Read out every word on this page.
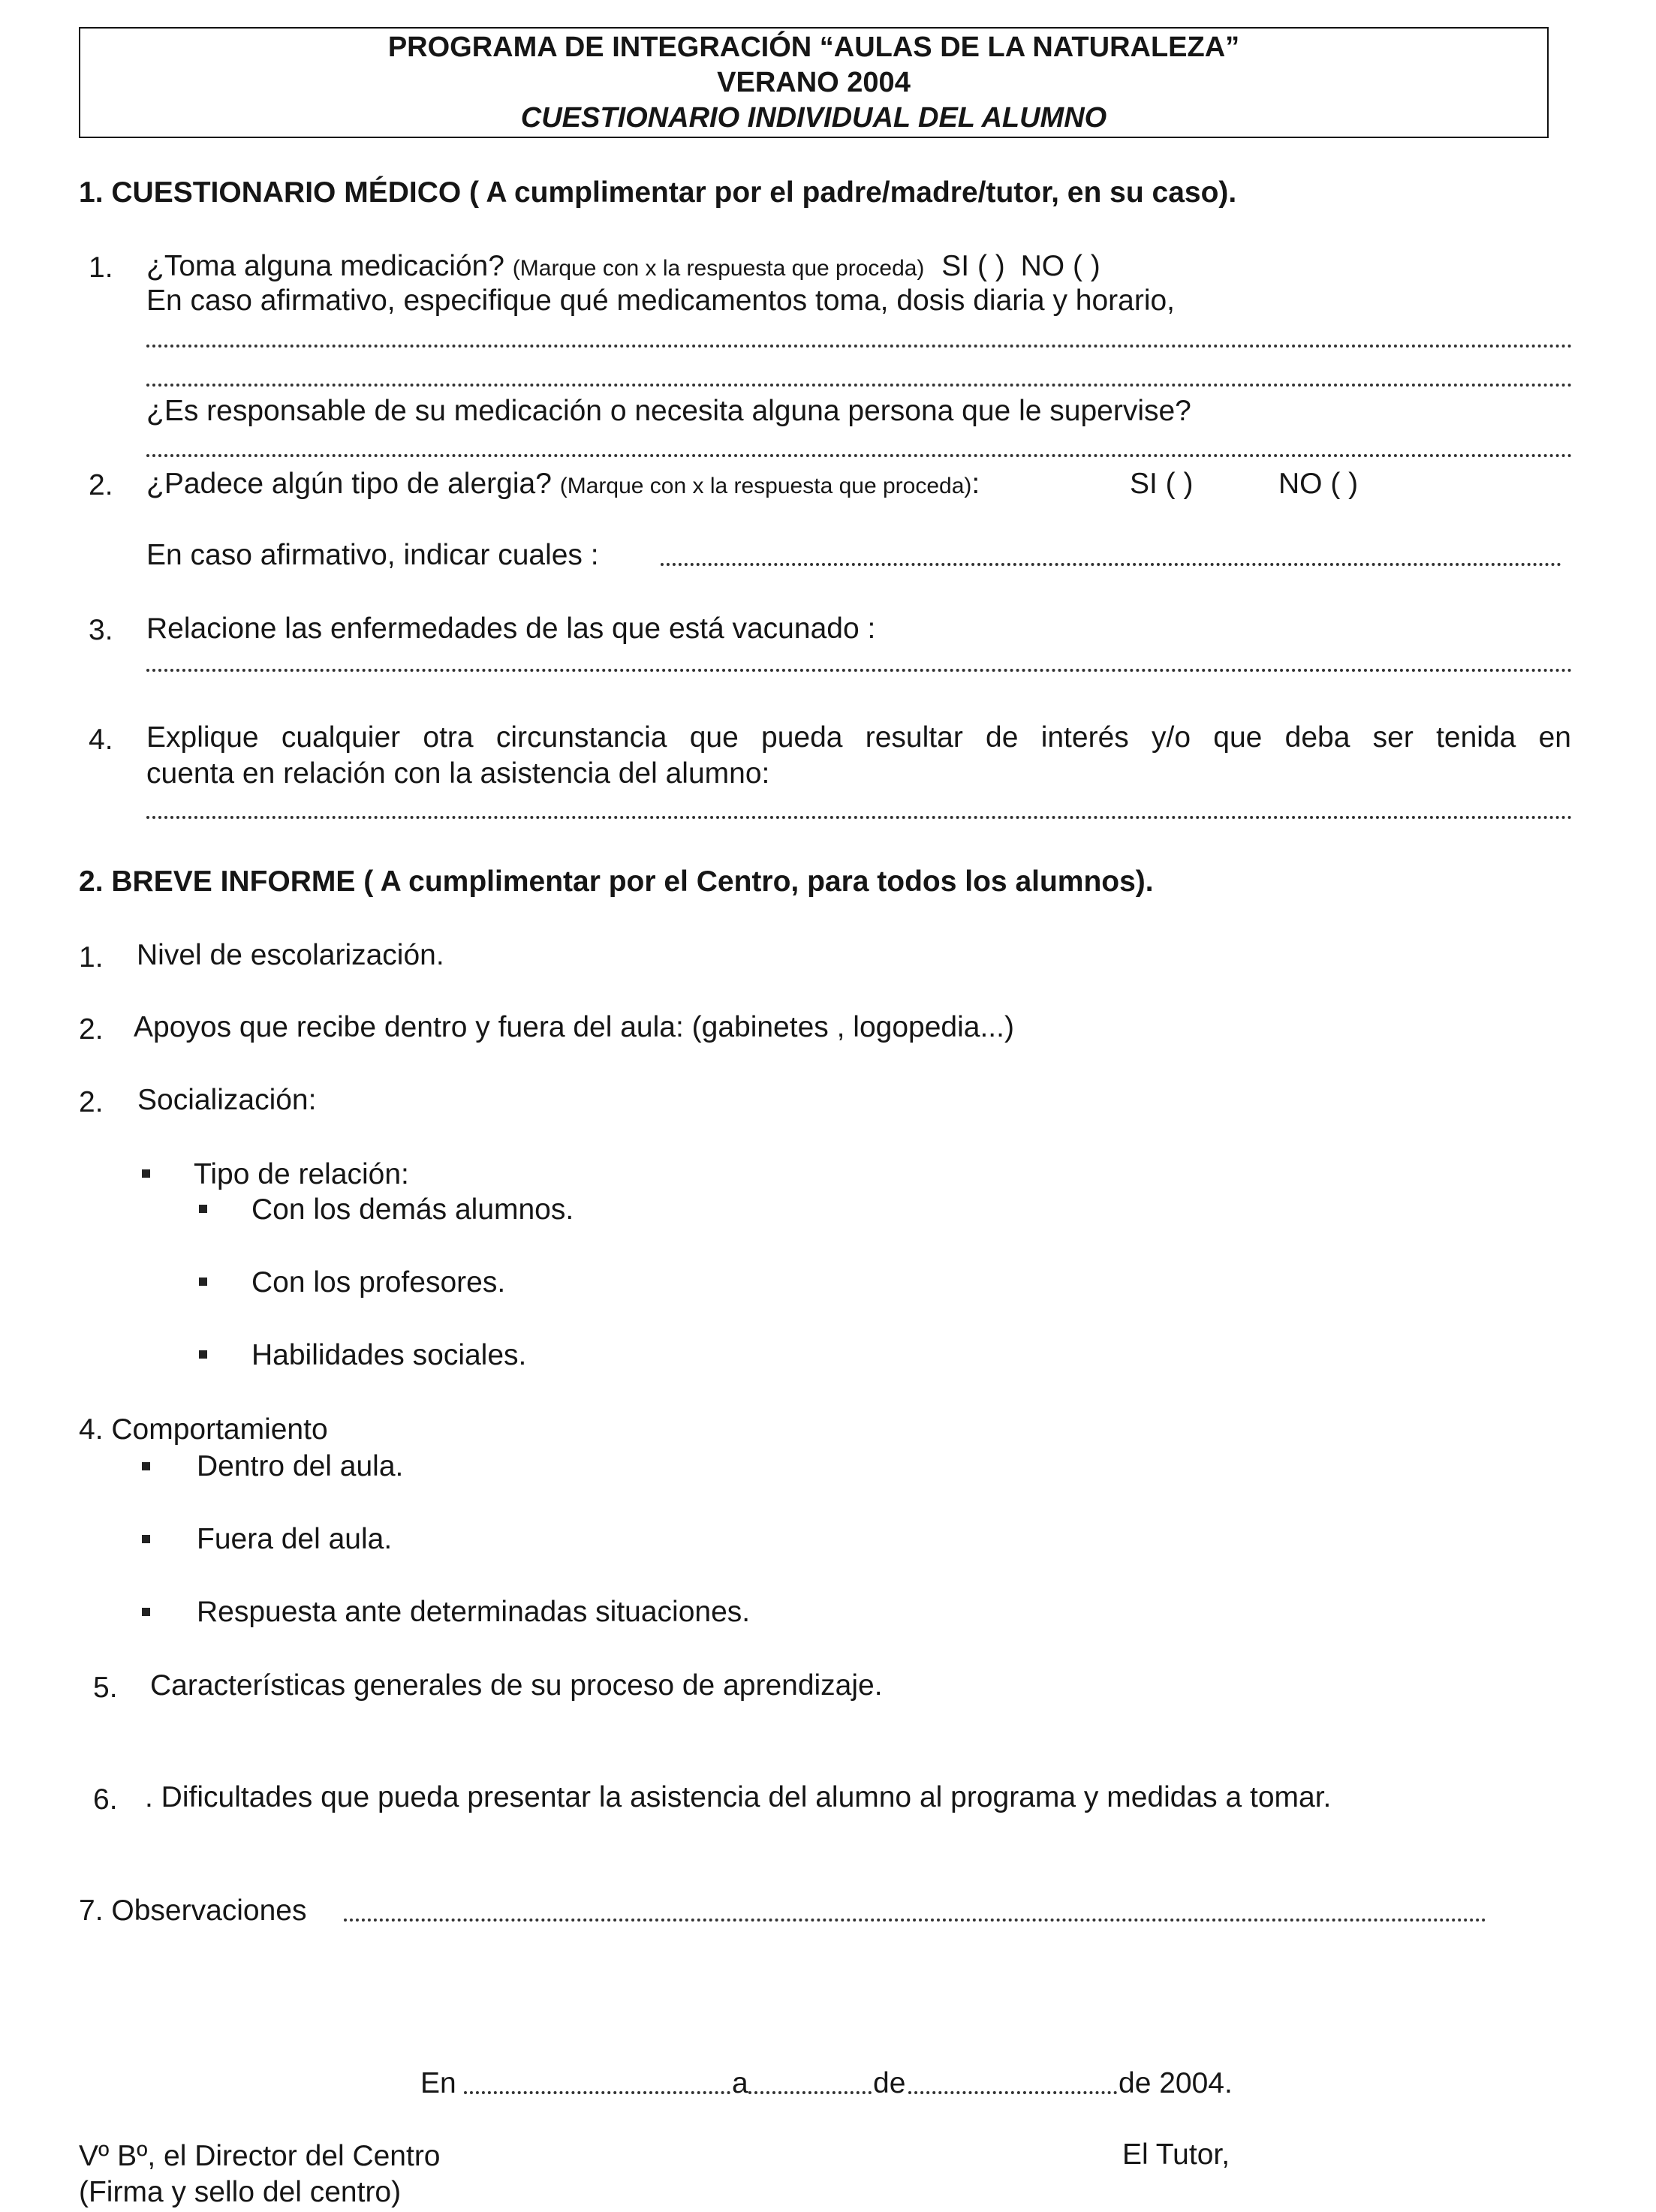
PROGRAMA DE INTEGRACIÓN “AULAS DE LA NATURALEZA”
VERANO 2004
CUESTIONARIO INDIVIDUAL DEL ALUMNO
1. CUESTIONARIO MÉDICO ( A cumplimentar por el padre/madre/tutor, en su caso).
1. ¿Toma alguna medicación? (Marque con x la respuesta que proceda) SI ( ) NO ( )
En caso afirmativo, especifique qué medicamentos toma, dosis diaria y horario,
¿Es responsable de su medicación o necesita alguna persona que le supervise?
2. ¿Padece algún tipo de alergia? (Marque con x la respuesta que proceda):	SI ( )	NO ( )
En caso afirmativo, indicar cuales :
3. Relacione las enfermedades de las que está vacunado :
4. Explique cualquier otra circunstancia que pueda resultar de interés y/o que deba ser tenida en
cuenta en relación con la asistencia del alumno:
2. BREVE INFORME ( A cumplimentar por el Centro, para todos los alumnos).
1. Nivel de escolarización.
2. Apoyos que recibe dentro y fuera del aula: (gabinetes , logopedia...)
2. Socialización:
Tipo de relación:
Con los demás alumnos.
Con los profesores.
Habilidades sociales.
4. Comportamiento
Dentro del aula.
Fuera del aula.
Respuesta ante determinadas situaciones.
5. Características generales de su proceso de aprendizaje.
6. . Dificultades que pueda presentar la asistencia del alumno al programa y medidas a tomar.
7. Observaciones
En	a	de	de 2004.
Vº Bº, el Director del Centro
(Firma y sello del centro)
El Tutor,
